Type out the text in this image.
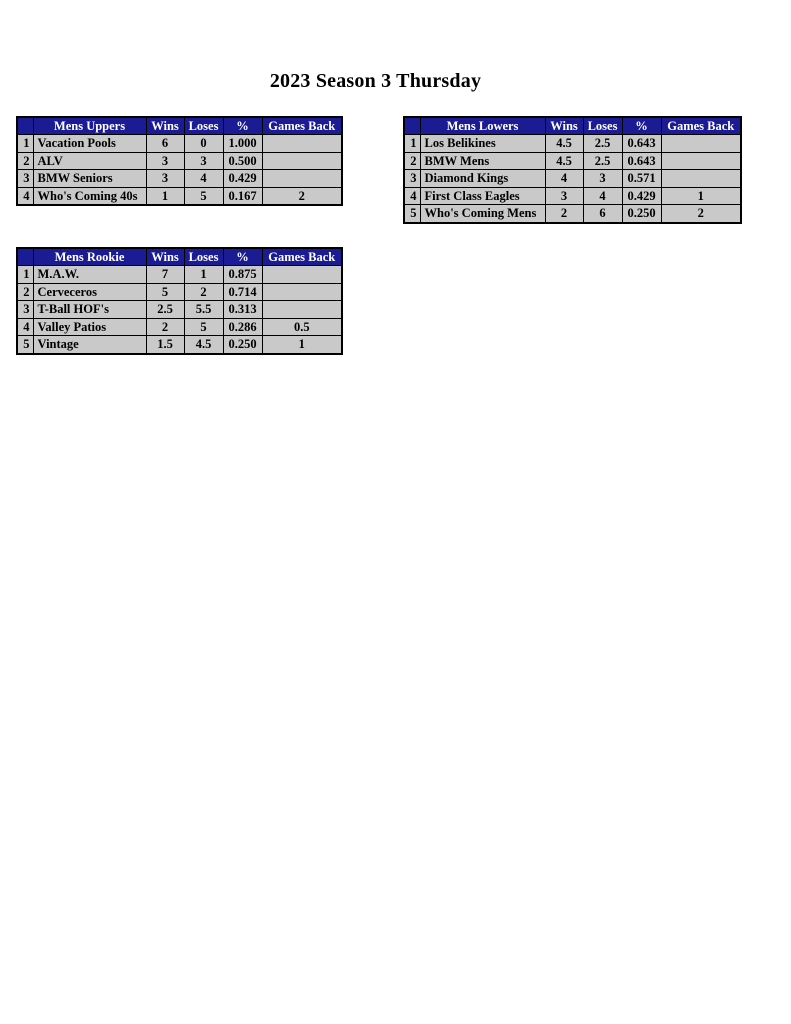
2023 Season 3 Thursday
	Mens Uppers	Wins	Loses	%	Games Back
1	Vacation Pools	6	0	1.000	
2	ALV	3	3	0.500	
3	BMW Seniors	3	4	0.429	
4	Who's Coming 40s	1	5	0.167	2
	Mens Lowers	Wins	Loses	%	Games Back
1	Los Belikines	4.5	2.5	0.643	
2	BMW Mens	4.5	2.5	0.643	
3	Diamond Kings	4	3	0.571	
4	First Class Eagles	3	4	0.429	1
5	Who's Coming Mens	2	6	0.250	2
	Mens Rookie	Wins	Loses	%	Games Back
1	M.A.W.	7	1	0.875	
2	Cerveceros	5	2	0.714	
3	T-Ball HOF's	2.5	5.5	0.313	
4	Valley Patios	2	5	0.286	0.5
5	Vintage	1.5	4.5	0.250	1
